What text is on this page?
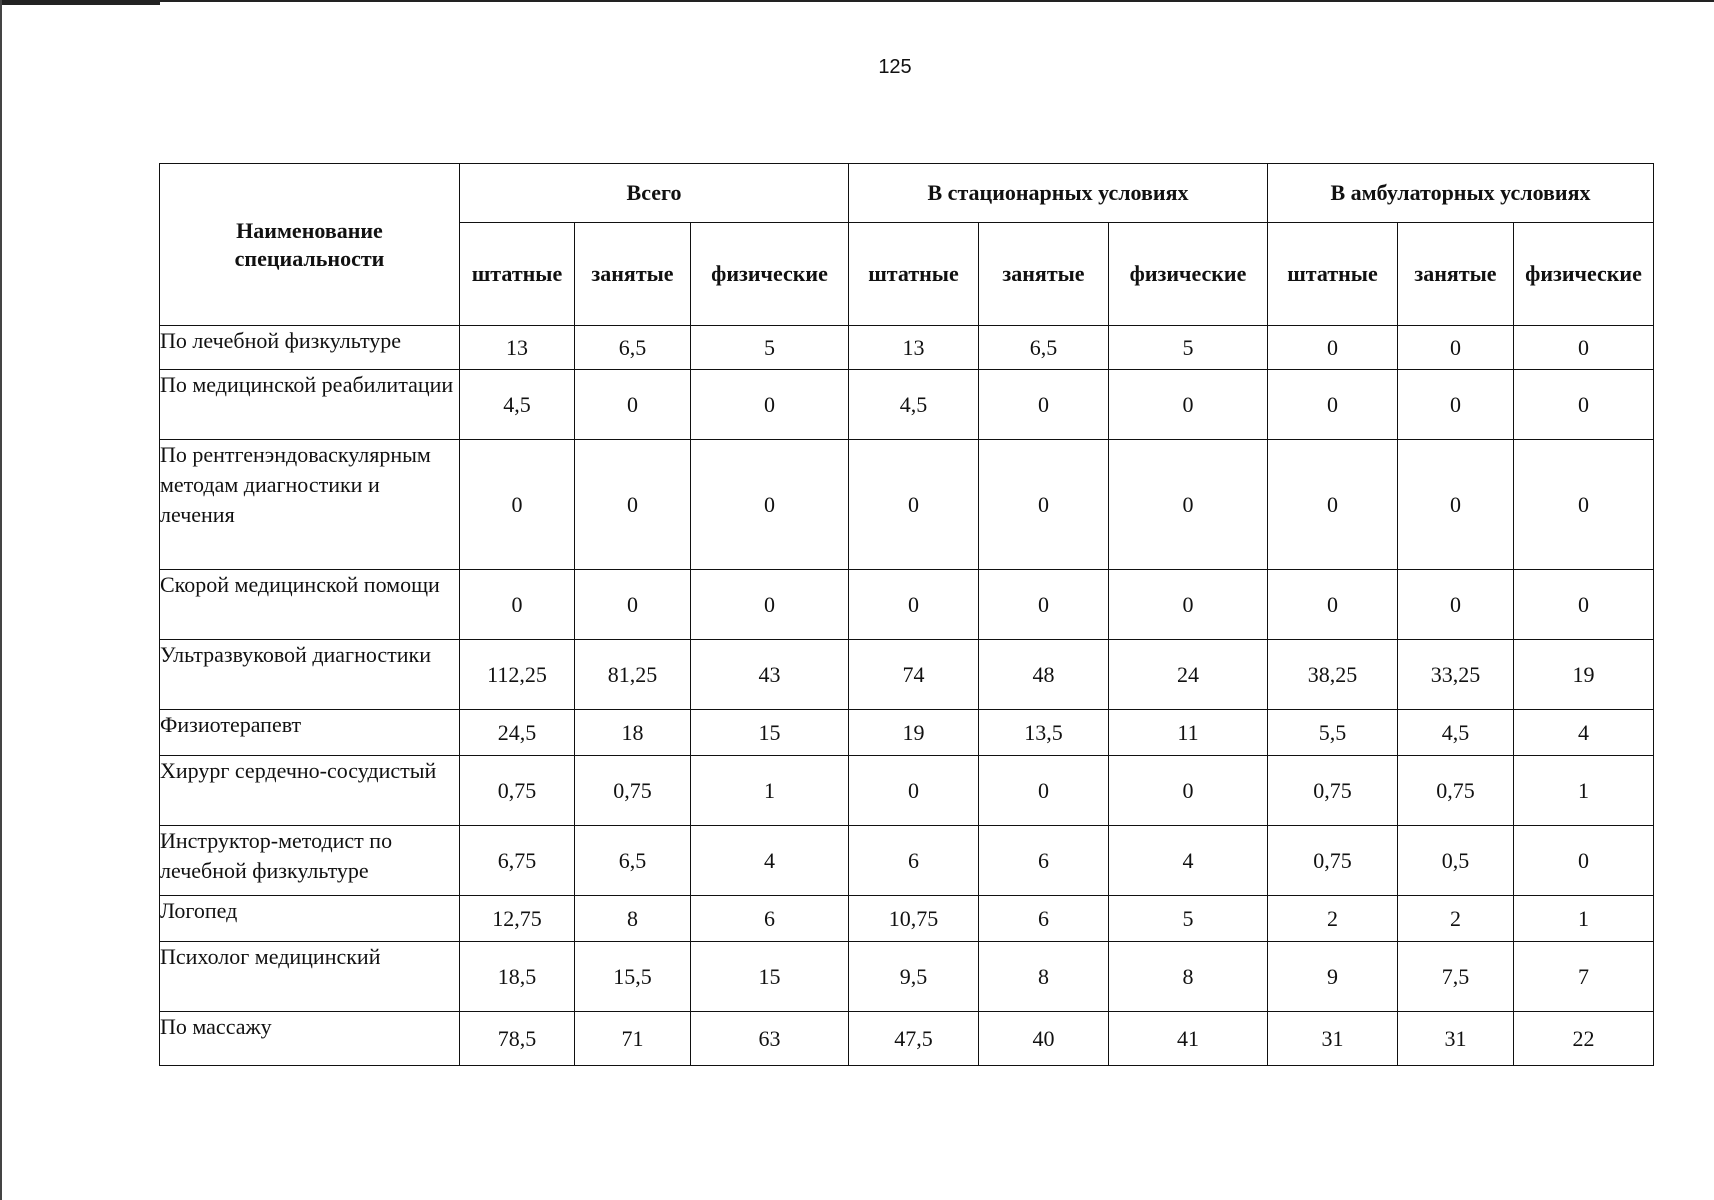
125
Наименование специальности	Всего			В стационарных условиях			В амбулаторных условиях		
	штатные	занятые	физические	штатные	занятые	физические	штатные	занятые	физические
По лечебной физкультуре	13	6,5	5	13	6,5	5	0	0	0
По медицинской реабилитации	4,5	0	0	4,5	0	0	0	0	0
По рентгенэндоваскулярным методам диагностики и лечения	0	0	0	0	0	0	0	0	0
Скорой медицинской помощи	0	0	0	0	0	0	0	0	0
Ультразвуковой диагностики	112,25	81,25	43	74	48	24	38,25	33,25	19
Физиотерапевт	24,5	18	15	19	13,5	11	5,5	4,5	4
Хирург сердечно-сосудистый	0,75	0,75	1	0	0	0	0,75	0,75	1
Инструктор-методист по лечебной физкультуре	6,75	6,5	4	6	6	4	0,75	0,5	0
Логопед	12,75	8	6	10,75	6	5	2	2	1
Психолог медицинский	18,5	15,5	15	9,5	8	8	9	7,5	7
По массажу	78,5	71	63	47,5	40	41	31	31	22
